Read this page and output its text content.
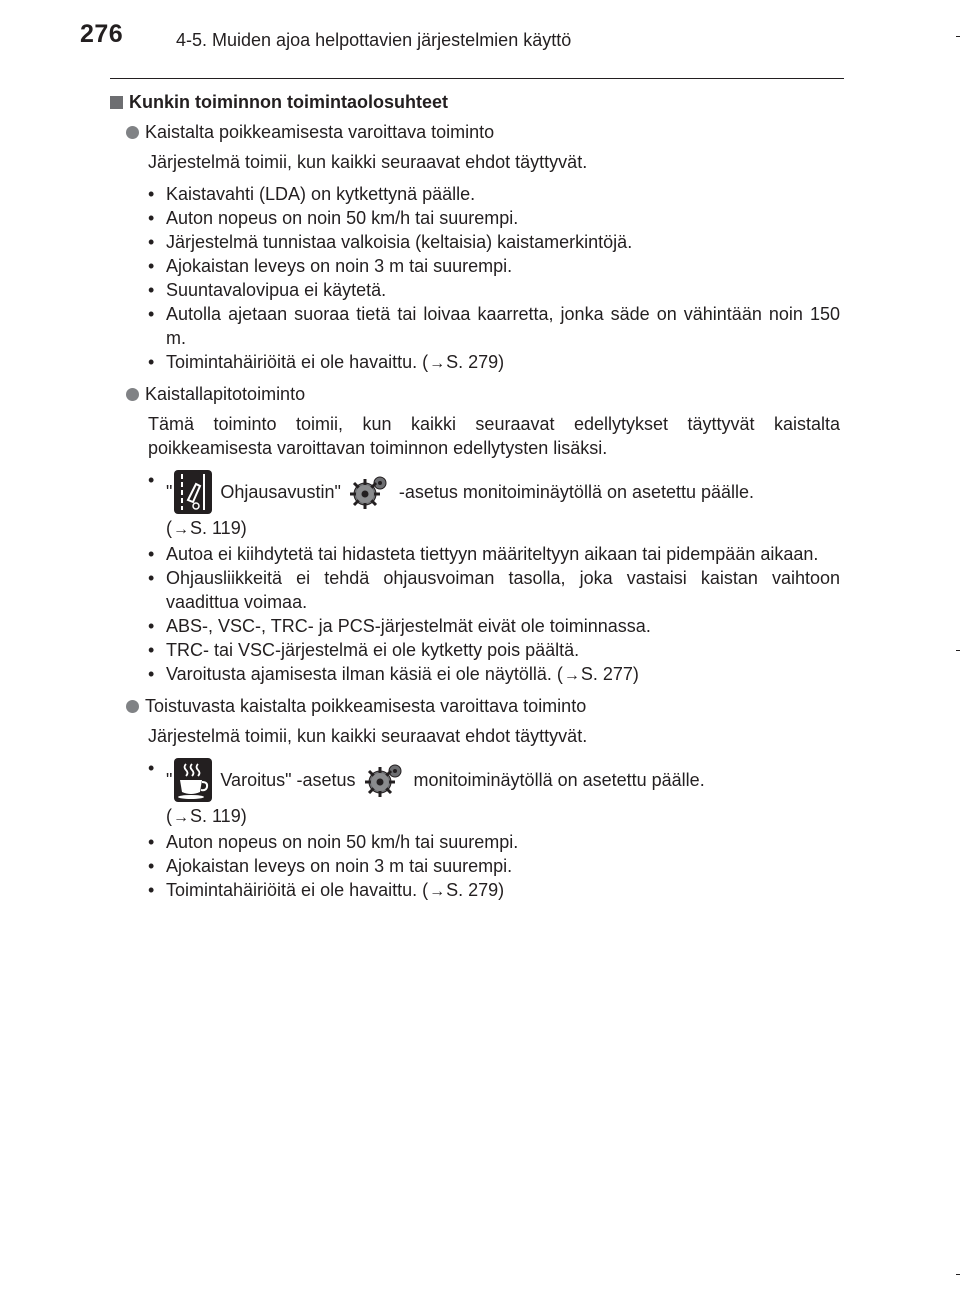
276	4-5. Muiden ajoa helpottavien järjestelmien käyttö
Kunkin toiminnon toimintaolosuhteet
Kaistalta poikkeamisesta varoittava toiminto
Järjestelmä toimii, kun kaikki seuraavat ehdot täyttyvät.
• Kaistavahti (LDA) on kytkettynä päälle.
• Auton nopeus on noin 50 km/h tai suurempi.
• Järjestelmä tunnistaa valkoisia (keltaisia) kaistamerkintöjä.
• Ajokaistan leveys on noin 3 m tai suurempi.
• Suuntavalovipua ei käytetä.
• Autolla ajetaan suoraa tietä tai loivaa kaarretta, jonka säde on vähintään noin 150 m.
• Toimintahäiriöitä ei ole havaittu. (→S. 279)
Kaistallapitotoiminto
Tämä toiminto toimii, kun kaikki seuraavat edellytykset täyttyvät kaistalta poikkeamisesta varoittavan toiminnon edellytysten lisäksi.
• "	Ohjausavustin"	-asetus monitoiminäytöllä on asetettu päälle.
(→S. 119)
• Autoa ei kiihdytetä tai hidasteta tiettyyn määriteltyyn aikaan tai pidempään aikaan.
• Ohjausliikkeitä ei tehdä ohjausvoiman tasolla, joka vastaisi kaistan vaihtoon vaadittua voimaa.
• ABS-, VSC-, TRC- ja PCS-järjestelmät eivät ole toiminnassa.
• TRC- tai VSC-järjestelmä ei ole kytketty pois päältä.
• Varoitusta ajamisesta ilman käsiä ei ole näytöllä. (→S. 277)
Toistuvasta kaistalta poikkeamisesta varoittava toiminto
Järjestelmä toimii, kun kaikki seuraavat ehdot täyttyvät.
• "	Varoitus" -asetus	monitoiminäytöllä on asetettu päälle.
(→S. 119)
• Auton nopeus on noin 50 km/h tai suurempi.
• Ajokaistan leveys on noin 3 m tai suurempi.
• Toimintahäiriöitä ei ole havaittu. (→S. 279)
